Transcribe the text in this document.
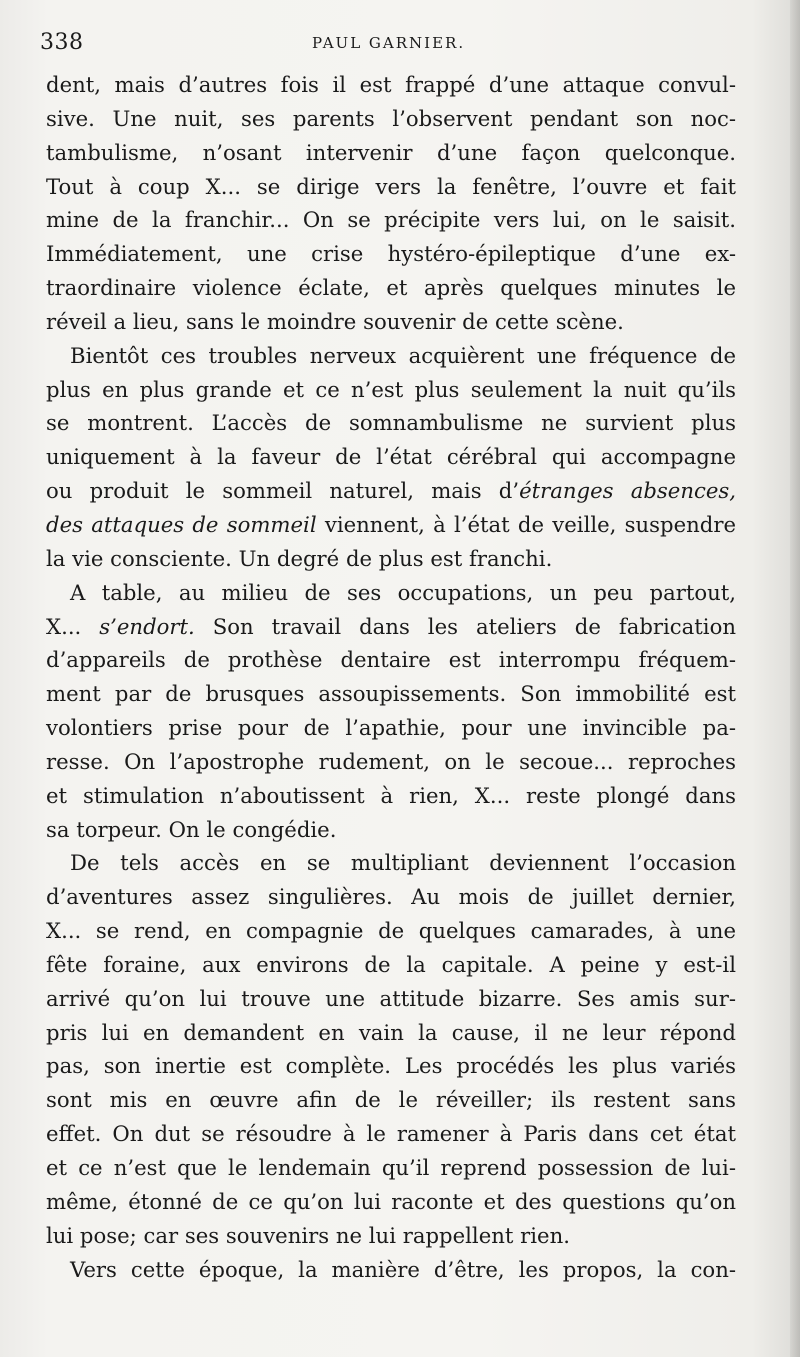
338	PAUL GARNIER.
dent, mais d’autres fois il est frappé d’une attaque convul-
sive. Une nuit, ses parents l’observent pendant son noc-
tambulisme, n’osant intervenir d’une façon quelconque.
Tout à coup X... se dirige vers la fenêtre, l’ouvre et fait
mine de la franchir... On se précipite vers lui, on le saisit.
Immédiatement, une crise hystéro-épileptique d’une ex-
traordinaire violence éclate, et après quelques minutes le
réveil a lieu, sans le moindre souvenir de cette scène.
Bientôt ces troubles nerveux acquièrent une fréquence de
plus en plus grande et ce n’est plus seulement la nuit qu’ils
se montrent. L’accès de somnambulisme ne survient plus
uniquement à la faveur de l’état cérébral qui accompagne
ou produit le sommeil naturel, mais d’étranges absences,
des attaques de sommeil viennent, à l’état de veille, suspendre
la vie consciente. Un degré de plus est franchi.
A table, au milieu de ses occupations, un peu partout,
X... s’endort. Son travail dans les ateliers de fabrication
d’appareils de prothèse dentaire est interrompu fréquem-
ment par de brusques assoupissements. Son immobilité est
volontiers prise pour de l’apathie, pour une invincible pa-
resse. On l’apostrophe rudement, on le secoue... reproches
et stimulation n’aboutissent à rien, X... reste plongé dans
sa torpeur. On le congédie.
De tels accès en se multipliant deviennent l’occasion
d’aventures assez singulières. Au mois de juillet dernier,
X... se rend, en compagnie de quelques camarades, à une
fête foraine, aux environs de la capitale. A peine y est-il
arrivé qu’on lui trouve une attitude bizarre. Ses amis sur-
pris lui en demandent en vain la cause, il ne leur répond
pas, son inertie est complète. Les procédés les plus variés
sont mis en œuvre afin de le réveiller; ils restent sans
effet. On dut se résoudre à le ramener à Paris dans cet état
et ce n’est que le lendemain qu’il reprend possession de lui-
même, étonné de ce qu’on lui raconte et des questions qu’on
lui pose; car ses souvenirs ne lui rappellent rien.
Vers cette époque, la manière d’être, les propos, la con-
